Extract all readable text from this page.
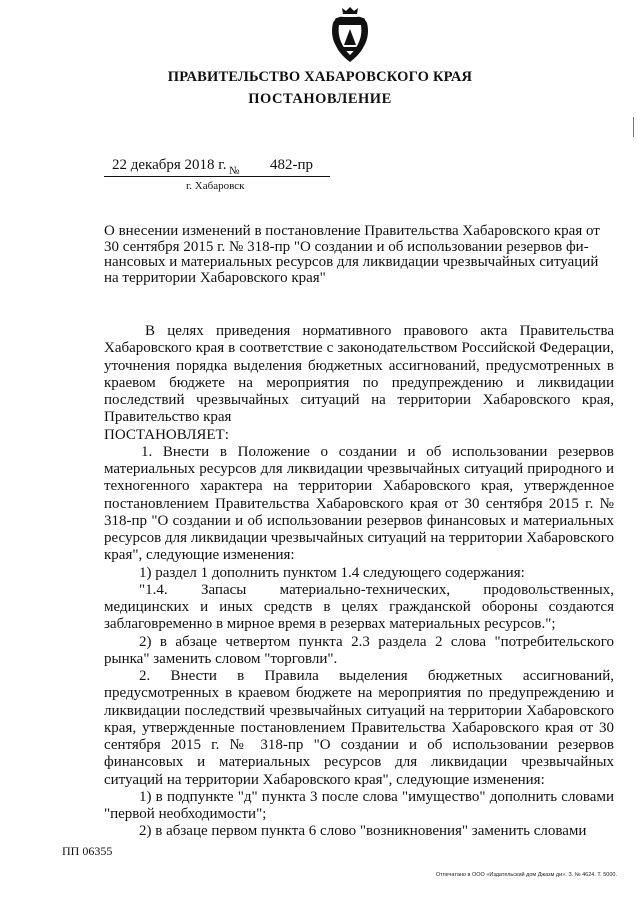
ПРАВИТЕЛЬСТВО ХАБАРОВСКОГО КРАЯ
ПОСТАНОВЛЕНИЕ
22 декабря 2018 г. № 482-пр
г. Хабаровск
О внесении изменений в постановление Правительства Хабаровского края от
30 сентября 2015 г. № 318-пр "О создании и об использовании резервов фи-
нансовых и материальных ресурсов для ликвидации чрезвычайных ситуаций
на территории Хабаровского края"

В целях приведения нормативного правового акта Правительства Хабаровского края в соответствие с законодательством Российской Федерации, уточнения порядка выделения бюджетных ассигнований, предусмотренных в краевом бюджете на мероприятия по предупреждению и ликвидации последствий чрезвычайных ситуаций на территории Хабаровского края, Правительство края

ПОСТАНОВЛЯЕТ:

1. Внести в Положение о создании и об использовании резервов материальных ресурсов для ликвидации чрезвычайных ситуаций природного и техногенного характера на территории Хабаровского края, утвержденное постановлением Правительства Хабаровского края от 30 сентября 2015 г. № 318-пр "О создании и об использовании резервов финансовых и материальных ресурсов для ликвидации чрезвычайных ситуаций на территории Хабаровского края", следующие изменения:

1) раздел 1 дополнить пунктом 1.4 следующего содержания:

"1.4. Запасы материально-технических, продовольственных, медицинских и иных средств в целях гражданской обороны создаются заблаговременно в мирное время в резервах материальных ресурсов.";

2) в абзаце четвертом пункта 2.3 раздела 2 слова "потребительского рынка" заменить словом "торговли".

2. Внести в Правила выделения бюджетных ассигнований, предусмотренных в краевом бюджете на мероприятия по предупреждению и ликвидации последствий чрезвычайных ситуаций на территории Хабаровского края, утвержденные постановлением Правительства Хабаровского края от 30 сентября 2015 г. № 318-пр "О создании и об использовании резервов финансовых и материальных ресурсов для ликвидации чрезвычайных ситуаций на территории Хабаровского края", следующие изменения:

1) в подпункте "д" пункта 3 после слова "имущество" дополнить словами "первой необходимости";

2) в абзаце первом пункта 6 слово "возникновения" заменить словами

ПП 06355
Отпечатано в ООО «Издательский дом Джазм ди». З. № 4624. Т. 5000.
